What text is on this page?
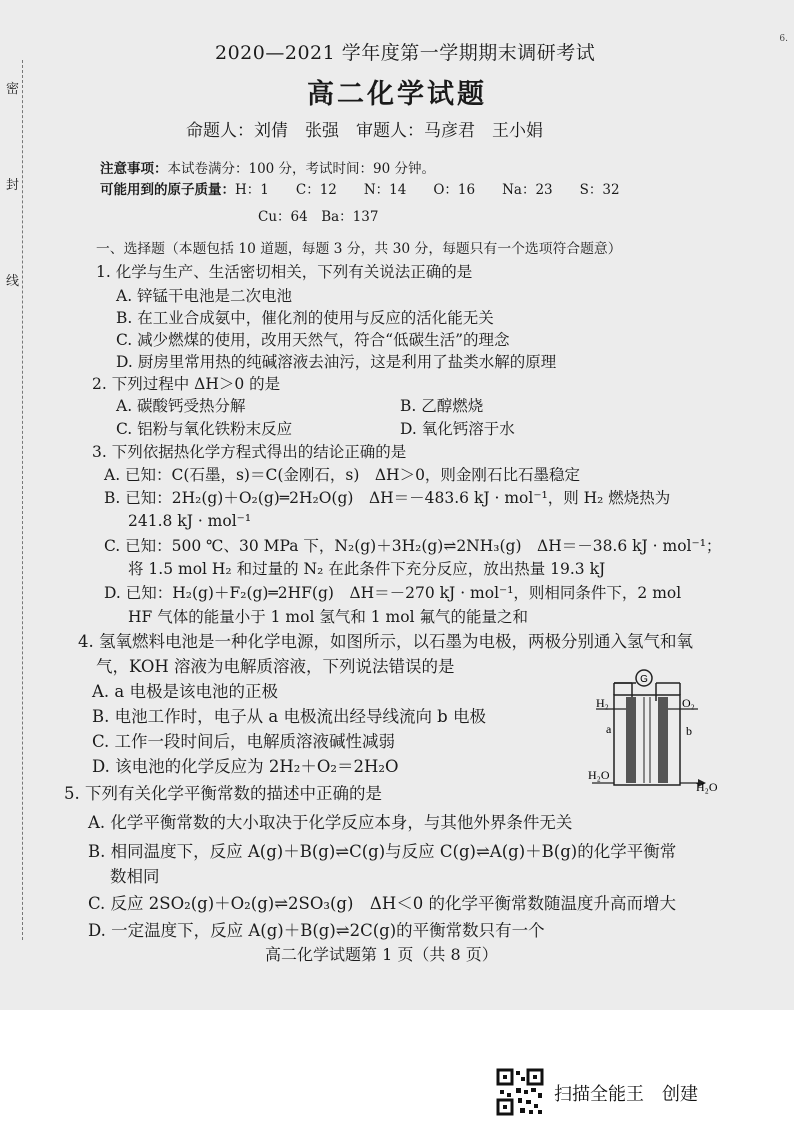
密
封
线
6.
2020—2021 学年度第一学期期末调研考试
高二化学试题
命题人：刘倩　张强　审题人：马彦君　王小娟
注意事项：本试卷满分：100 分，考试时间：90 分钟。
可能用到的原子质量：H：1　　C：12　　N：14　　O：16　　Na：23　　S：32
Cu：64　Ba：137
一、选择题（本题包括 10 道题，每题 3 分，共 30 分，每题只有一个选项符合题意）
1. 化学与生产、生活密切相关，下列有关说法正确的是
A. 锌锰干电池是二次电池
B. 在工业合成氨中，催化剂的使用与反应的活化能无关
C. 减少燃煤的使用，改用天然气，符合“低碳生活”的理念
D. 厨房里常用热的纯碱溶液去油污，这是利用了盐类水解的原理
2. 下列过程中 ΔH＞0 的是
A. 碳酸钙受热分解	B. 乙醇燃烧
C. 铝粉与氧化铁粉末反应	D. 氧化钙溶于水
3. 下列依据热化学方程式得出的结论正确的是
A. 已知：C(石墨，s)＝C(金刚石，s)　ΔH＞0，则金刚石比石墨稳定
B. 已知：2H₂(g)＋O₂(g)═2H₂O(g)　ΔH＝－483.6 kJ · mol⁻¹，则 H₂ 燃烧热为
241.8 kJ · mol⁻¹
C. 已知：500 ℃、30 MPa 下，N₂(g)＋3H₂(g)⇌2NH₃(g)　ΔH＝－38.6 kJ · mol⁻¹；
将 1.5 mol H₂ 和过量的 N₂ 在此条件下充分反应，放出热量 19.3 kJ
D. 已知：H₂(g)＋F₂(g)═2HF(g)　ΔH＝－270 kJ · mol⁻¹，则相同条件下，2 mol
HF 气体的能量小于 1 mol 氢气和 1 mol 氟气的能量之和
4. 氢氧燃料电池是一种化学电源，如图所示，以石墨为电极，两极分别通入氢气和氧
气，KOH 溶液为电解质溶液，下列说法错误的是
A. a 电极是该电池的正极
B. 电池工作时，电子从 a 电极流出经导线流向 b 电极
C. 工作一段时间后，电解质溶液碱性减弱
D. 该电池的化学反应为 2H₂＋O₂＝2H₂O
G
H₂	O₂
a	b
H₂O
H₂O
5. 下列有关化学平衡常数的描述中正确的是
A. 化学平衡常数的大小取决于化学反应本身，与其他外界条件无关
B. 相同温度下，反应 A(g)＋B(g)⇌C(g)与反应 C(g)⇌A(g)＋B(g)的化学平衡常
数相同
C. 反应 2SO₂(g)＋O₂(g)⇌2SO₃(g)　ΔH＜0 的化学平衡常数随温度升高而增大
D. 一定温度下，反应 A(g)＋B(g)⇌2C(g)的平衡常数只有一个
高二化学试题第 1 页（共 8 页）
扫描全能王　创建
